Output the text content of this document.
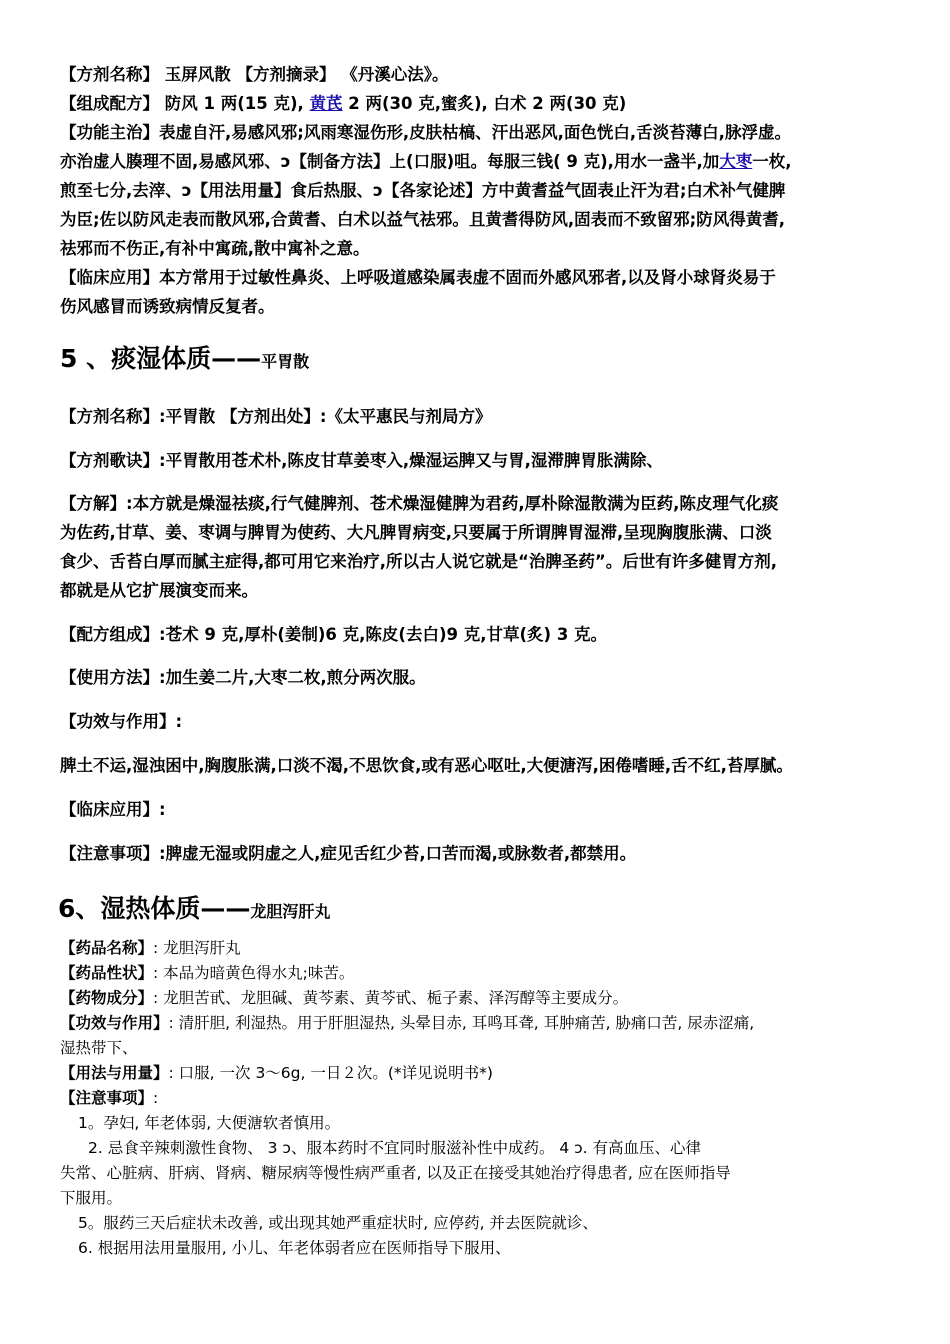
【方剂名称】 玉屏风散 【方剂摘录】 《丹溪心法》。
【组成配方】 防风 1 两(15 克), 黄芪 2 两(30 克,蜜炙), 白术 2 两(30 克)
【功能主治】表虚自汗,易感风邪;风雨寒湿伤形,皮肤枯槁、汗出恶风,面色恍白,舌淡苔薄白,脉浮虚。
亦治虚人腠理不固,易感风邪、ↄ【制备方法】上(口服)咀。每服三钱( 9 克),用水一盏半,加大枣一枚,
煎至七分,去滓、ↄ【用法用量】食后热服、ↄ【各家论述】方中黄耆益气固表止汗为君;白术补气健脾
为臣;佐以防风走表而散风邪,合黄耆、白术以益气祛邪。且黄耆得防风,固表而不致留邪;防风得黄耆,
祛邪而不伤正,有补中寓疏,散中寓补之意。
【临床应用】本方常用于过敏性鼻炎、上呼吸道感染属表虚不固而外感风邪者,以及肾小球肾炎易于
伤风感冒而诱致病情反复者。
5 、痰湿体质——平胃散
【方剂名称】:平胃散 【方剂出处】:《太平惠民与剂局方》
【方剂歌诀】:平胃散用苍术朴,陈皮甘草姜枣入,燥湿运脾又与胃,湿滞脾胃胀满除、
【方解】:本方就是燥湿祛痰,行气健脾剂、苍术燥湿健脾为君药,厚朴除湿散满为臣药,陈皮理气化痰
为佐药,甘草、姜、枣调与脾胃为使药、大凡脾胃病变,只要属于所谓脾胃湿滞,呈现胸腹胀满、口淡
食少、舌苔白厚而腻主症得,都可用它来治疗,所以古人说它就是“治脾圣药”。后世有许多健胃方剂,
都就是从它扩展演变而来。
【配方组成】:苍术 9 克,厚朴(姜制)6 克,陈皮(去白)9 克,甘草(炙) 3 克。
【使用方法】:加生姜二片,大枣二枚,煎分两次服。
【功效与作用】:
脾土不运,湿浊困中,胸腹胀满,口淡不渴,不思饮食,或有恶心呕吐,大便溏泻,困倦嗜睡,舌不红,苔厚腻。
【临床应用】:
【注意事项】:脾虚无湿或阴虚之人,症见舌红少苔,口苦而渴,或脉数者,都禁用。
6、湿热体质——龙胆泻肝丸
【药品名称】: 龙胆泻肝丸
【药品性状】: 本品为暗黄色得水丸;味苦。
【药物成分】: 龙胆苦甙、龙胆碱、黄芩素、黄芩甙、栀子素、泽泻醇等主要成分。
【功效与作用】: 清肝胆, 利湿热。用于肝胆湿热, 头晕目赤, 耳鸣耳聋, 耳肿痛苦, 胁痛口苦, 尿赤涩痛,
湿热带下、
【用法与用量】: 口服, 一次 3～6g, 一日２次。(*详见说明书*)
【注意事项】:
1。孕妇, 年老体弱, 大便溏软者慎用。
2. 忌食辛辣刺激性食物、 3 ↄ、服本药时不宜同时服滋补性中成药。 4 ↄ. 有高血压、心律
失常、心脏病、肝病、肾病、糖尿病等慢性病严重者, 以及正在接受其她治疗得患者, 应在医师指导
下服用。
5。服药三天后症状未改善, 或出现其她严重症状时, 应停药, 并去医院就诊、
6. 根据用法用量服用, 小儿、年老体弱者应在医师指导下服用、
